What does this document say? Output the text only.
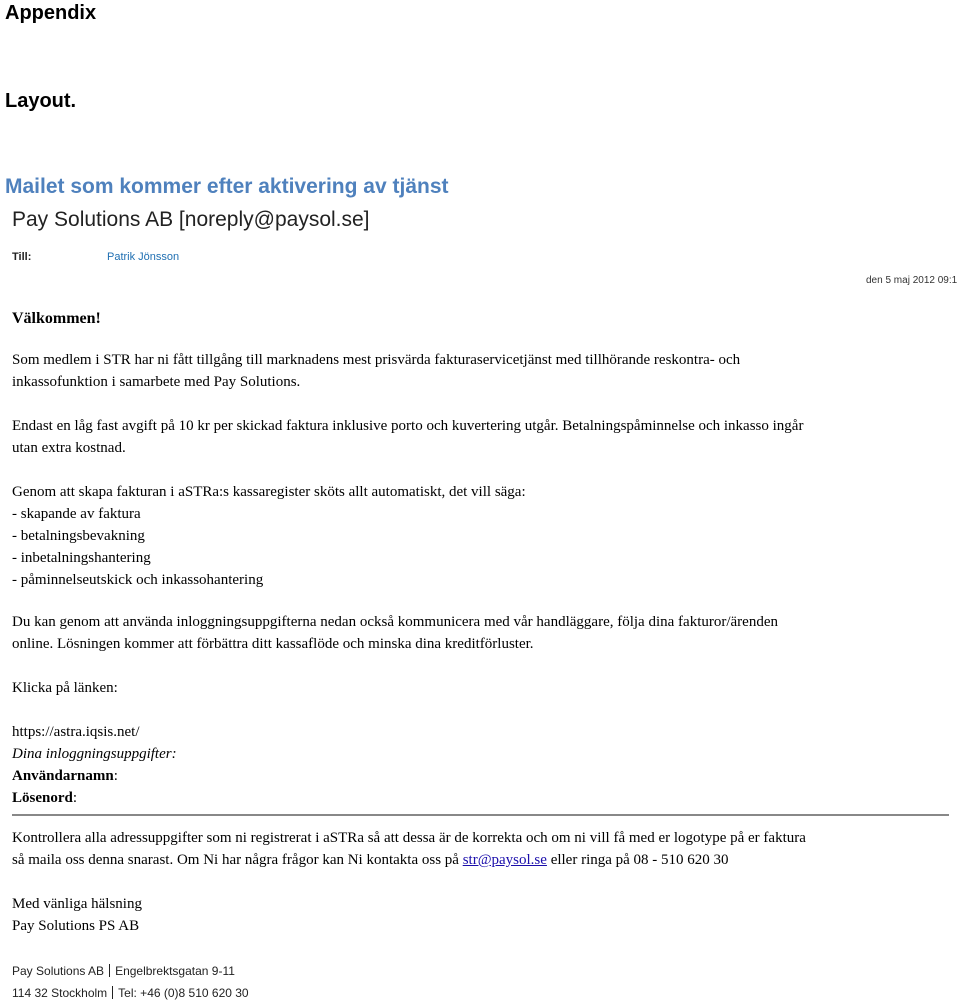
Appendix
Layout.
Mailet som kommer efter aktivering av tjänst
Pay Solutions AB [noreply@paysol.se]
Till:	Patrik Jönsson
den 5 maj 2012 09:1
Välkommen!

Som medlem i STR har ni fått tillgång till marknadens mest prisvärda fakturaservicetjänst med tillhörande reskontra- och

inkassofunktion i samarbete med Pay Solutions.

Endast en låg fast avgift på 10 kr per skickad faktura inklusive porto och kuvertering utgår. Betalningspåminnelse och inkasso ingår

utan extra kostnad.

Genom att skapa fakturan i aSTRa:s kassaregister sköts allt automatiskt, det vill säga:

- skapande av faktura

- betalningsbevakning

- inbetalningshantering

- påminnelseutskick och inkassohantering

Du kan genom att använda inloggningsuppgifterna nedan också kommunicera med vår handläggare, följa dina fakturor/ärenden

online. Lösningen kommer att förbättra ditt kassaflöde och minska dina kreditförluster.

Klicka på länken:

https://astra.iqsis.net/

Dina inloggningsuppgifter:

Användarnamn:

Lösenord:

Kontrollera alla adressuppgifter som ni registrerat i aSTRa så att dessa är de korrekta och om ni vill få med er logotype på er faktura

så maila oss denna snarast. Om Ni har några frågor kan Ni kontakta oss på str@paysol.se eller ringa på 08 - 510 620 30

Med vänliga hälsning

Pay Solutions PS AB

Pay Solutions AB Engelbrektsgatan 9-11
114 32 Stockholm Tel: +46 (0)8 510 620 30
